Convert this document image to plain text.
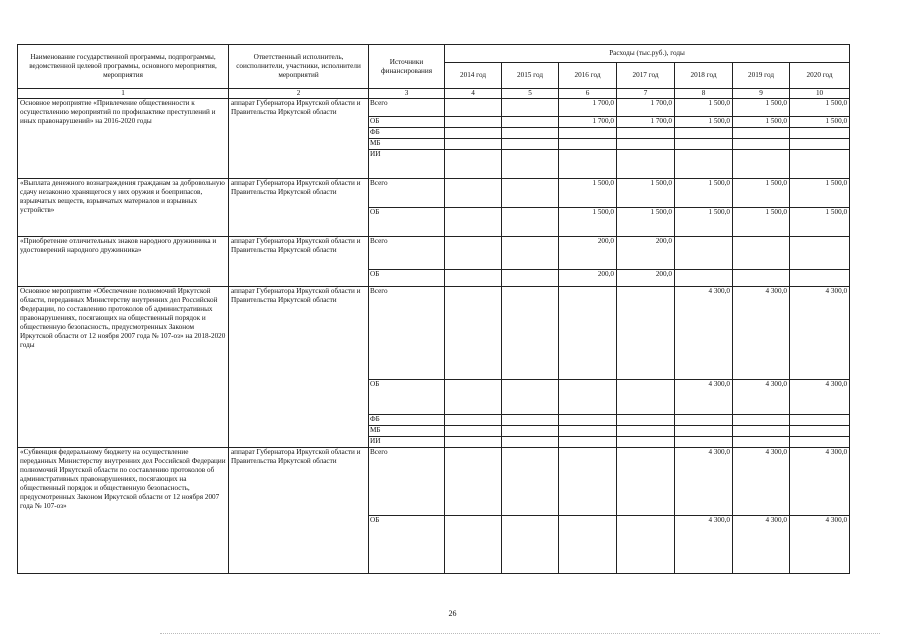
Наименование государственной программы, подпрограммы, ведомственной целевой программы, основного мероприятия, мероприятия	Ответственный исполнитель, соисполнители, участники, исполнители мероприятий	Источники финансирования	Расходы (тыс.руб.), годы						
			2014 год	2015 год	2016 год	2017 год	2018 год	2019 год	2020 год
1	2	3	4	5	6	7	8	9	10
Основное мероприятие «Привлечение общественности к осуществлению мероприятий по профилактике преступлений и иных правонарушений» на 2016-2020 годы	аппарат Губернатора Иркутской области и Правительства Иркутской области	Всего			1 700,0	1 700,0	1 500,0	1 500,0	1 500,0
		ОБ			1 700,0	1 700,0	1 500,0	1 500,0	1 500,0
		ФБ							
		МБ							
		ИИ							
«Выплата денежного вознаграждения гражданам за добровольную сдачу незаконно хранящегося у них оружия и боеприпасов, взрывчатых веществ, взрывчатых материалов и взрывных устройств»	аппарат Губернатора Иркутской области и Правительства Иркутской области	Всего			1 500,0	1 500,0	1 500,0	1 500,0	1 500,0
		ОБ			1 500,0	1 500,0	1 500,0	1 500,0	1 500,0
«Приобретение отличительных знаков народного дружинника и удостоверений народного дружинника»	аппарат Губернатора Иркутской области и Правительства Иркутской области	Всего			200,0	200,0			
		ОБ			200,0	200,0			
Основное мероприятие «Обеспечение полномочий Иркутской области, переданных Министерству внутренних дел Российской Федерации, по составлению протоколов об административных правонарушениях, посягающих на общественный порядок и общественную безопасность, предусмотренных Законом Иркутской области от 12 ноября 2007 года № 107-оз» на 2018-2020 годы	аппарат Губернатора Иркутской области и Правительства Иркутской области	Всего					4 300,0	4 300,0	4 300,0
		ОБ					4 300,0	4 300,0	4 300,0
		ФБ							
		МБ							
		ИИ							
«Субвенция федеральному бюджету на осуществление переданных Министерству внутренних дел Российской Федерации полномочий Иркутской области по составлению протоколов об административных правонарушениях, посягающих на общественный порядок и общественную безопасность, предусмотренных Законом Иркутской области от 12 ноября 2007 года № 107-оз»	аппарат Губернатора Иркутской области и Правительства Иркутской области	Всего					4 300,0	4 300,0	4 300,0
		ОБ					4 300,0	4 300,0	4 300,0
26
